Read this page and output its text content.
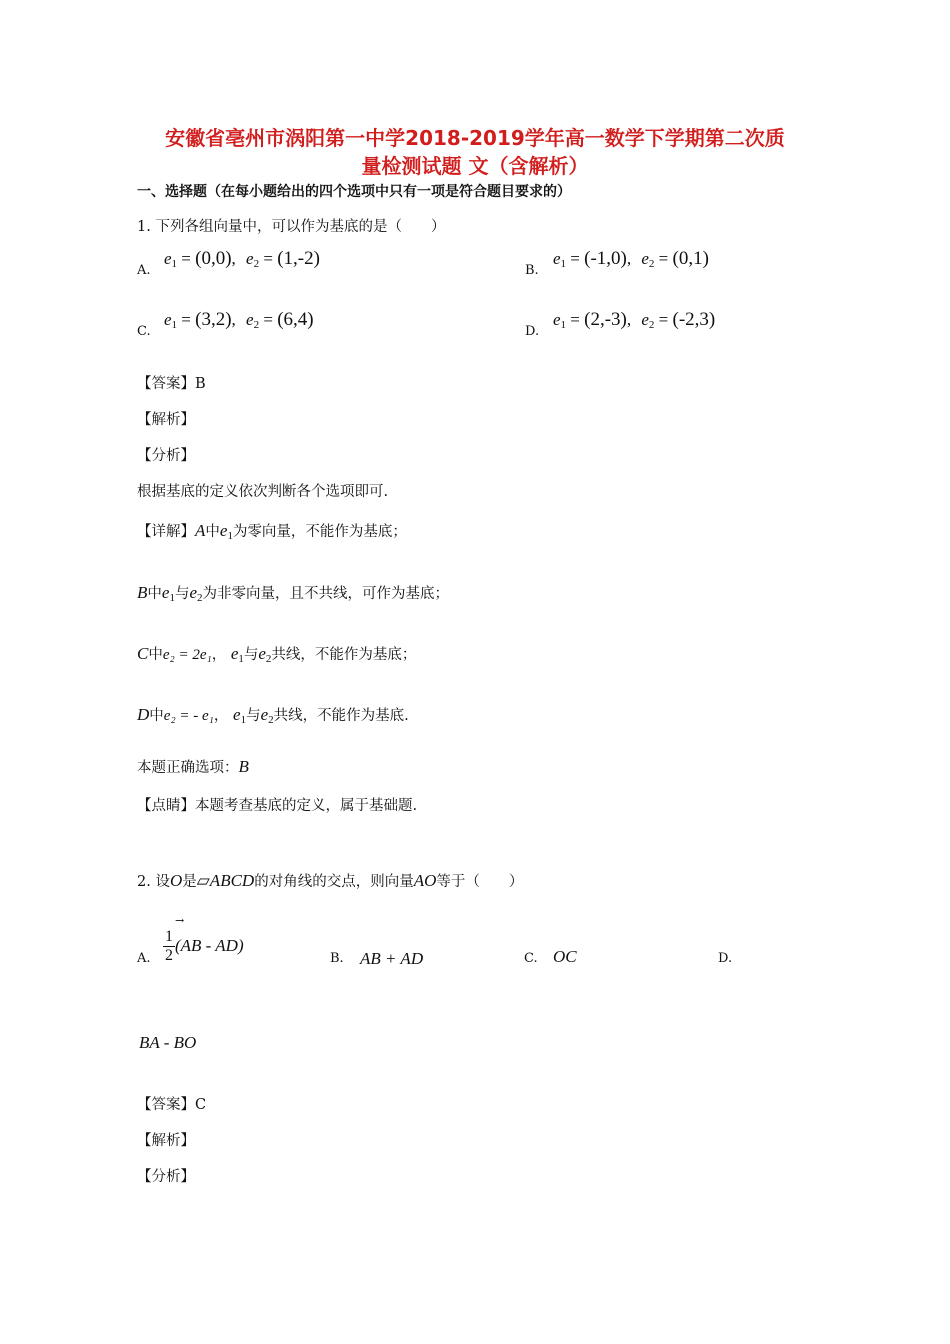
安徽省亳州市涡阳第一中学2018-2019学年高一数学下学期第二次质
量检测试题 文（含解析）
一、选择题（在每小题给出的四个选项中只有一项是符合题目要求的）
1. 下列各组向量中，可以作为基底的是（　　）
A.
$e_1 = (0,0)$, $e_2 = (1,-2)$
B.
$e_1 = (-1,0)$, $e_2 = (0,1)$
C.
$e_1 = (3,2)$, $e_2 = (6,4)$
D.
$e_1 = (2,-3)$, $e_2 = (-2,3)$
【答案】B
【解析】
【分析】
根据基底的定义依次判断各个选项即可.
【详解】A中$e_1$为零向量，不能作为基底；
B中$e_1$与$e_2$为非零向量，且不共线，可作为基底；
C中e₂ = 2e₁， $e_1$与$e_2$共线，不能作为基底；
D中e₂ = - e₁， $e_1$与$e_2$共线，不能作为基底.
本题正确选项：B
【点睛】本题考查基底的定义，属于基础题.
2. 设O是▱ABCD的对角线的交点，则向量AO等于（　　）
A.
→
$\frac{1}{2} (AB - AD)$
B. AB + AD	C. OC	D.
BA - BO
【答案】C
【解析】
【分析】
